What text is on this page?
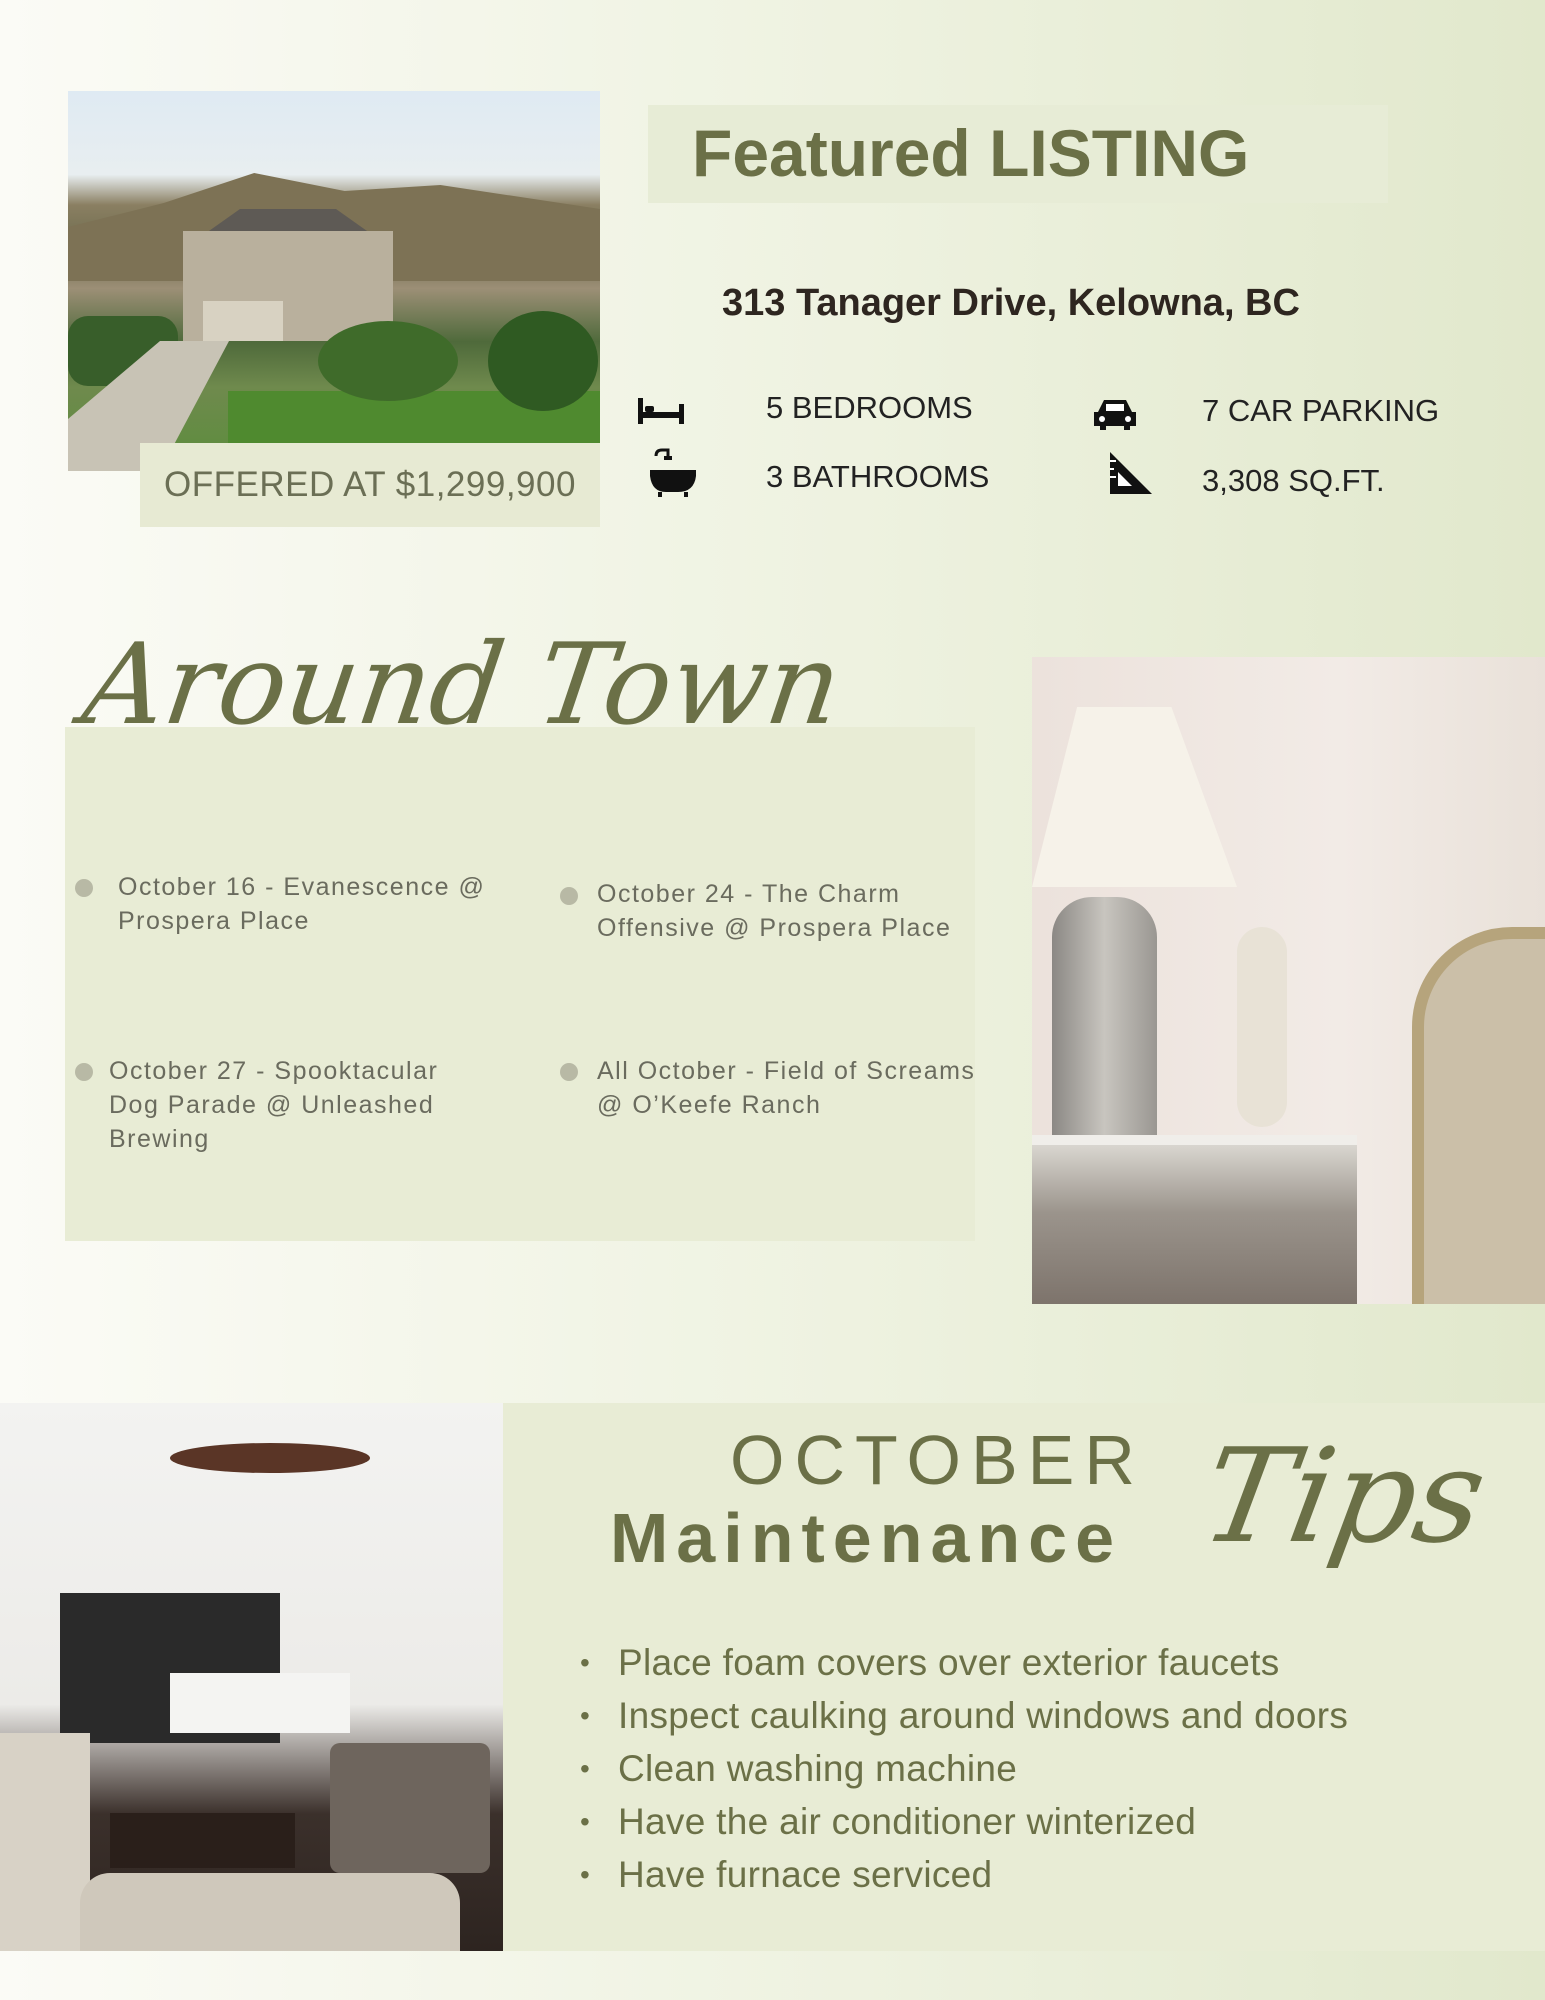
OFFERED AT $1,299,900
Featured LISTING
313 Tanager Drive, Kelowna, BC
5 BEDROOMS	7 CAR PARKING
3 BATHROOMS	3,308 SQ.FT.
Around Town
October 16 - Evanescence @
Prospera Place
October 24 - The Charm
Offensive @ Prospera Place
October 27 - Spooktacular
Dog Parade @ Unleashed
Brewing
All October - Field of Screams
@ O’Keefe Ranch
OCTOBER
Maintenance Tips
• Place foam covers over exterior faucets
• Inspect caulking around windows and doors
• Clean washing machine
• Have the air conditioner winterized
• Have furnace serviced
